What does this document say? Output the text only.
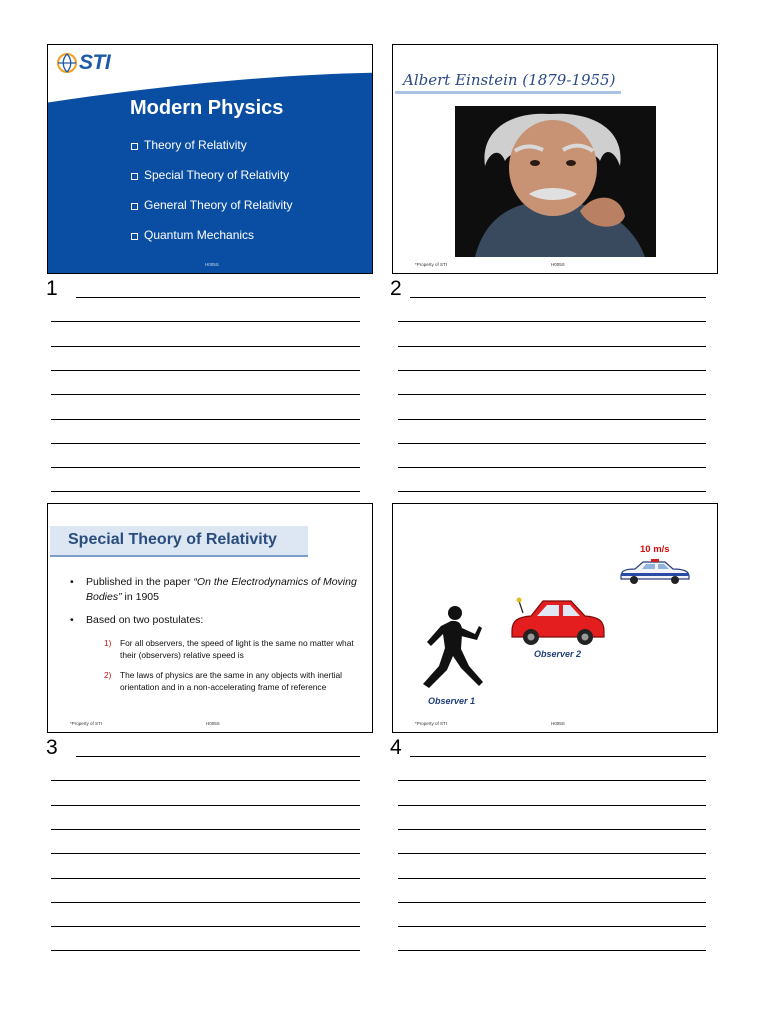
STI
Modern Physics
Theory of Relativity
Special Theory of Relativity
General Theory of Relativity
Quantum Mechanics
H005S
Albert Einstein (1879-1955)
*Property of STI	H005S
Special Theory of Relativity
•	Published in the paper “On the Electrodynamics of Moving Bodies” in 1905
•	Based on two postulates:
1)	For all observers, the speed of light is the same no matter what their (observers) relative speed is
2)	The laws of physics are the same in any objects with inertial orientation and in a non-accelerating frame of reference
*Property of STI	H005S
10 m/s
Observer 2
Observer 1
*Property of STI	H005S
1	2
3	4
